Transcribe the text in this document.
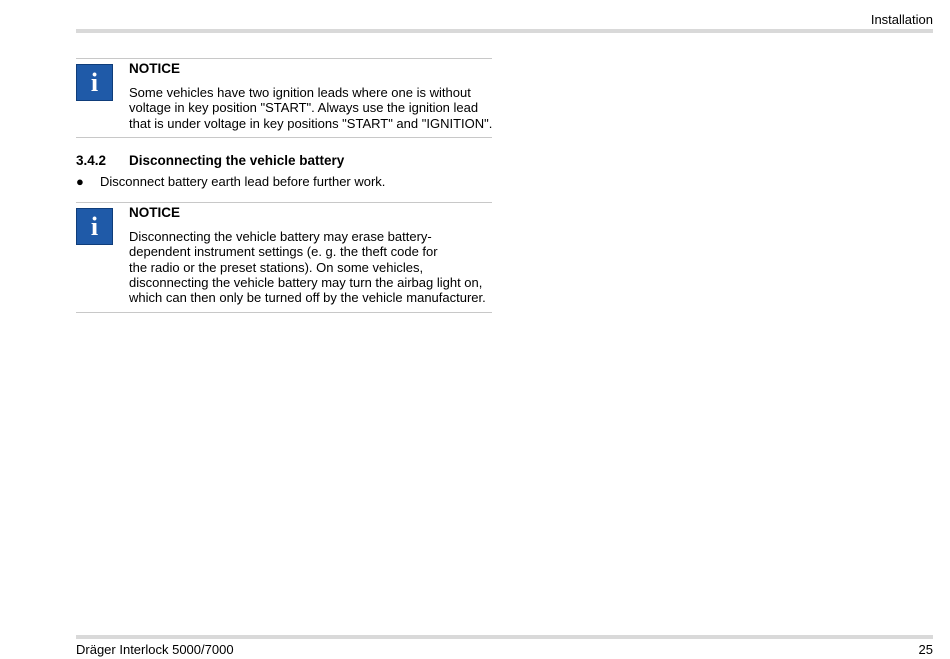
Installation
i NOTICE

Some vehicles have two ignition leads where one is without
voltage in key position "START". Always use the ignition lead
that is under voltage in key positions "START" and "IGNITION".

3.4.2 Disconnecting the vehicle battery
● Disconnect battery earth lead before further work.
i NOTICE

Disconnecting the vehicle battery may erase battery-
dependent instrument settings (e. g. the theft code for
the radio or the preset stations). On some vehicles,
disconnecting the vehicle battery may turn the airbag light on,
which can then only be turned off by the vehicle manufacturer.

Dräger Interlock 5000/7000	25
